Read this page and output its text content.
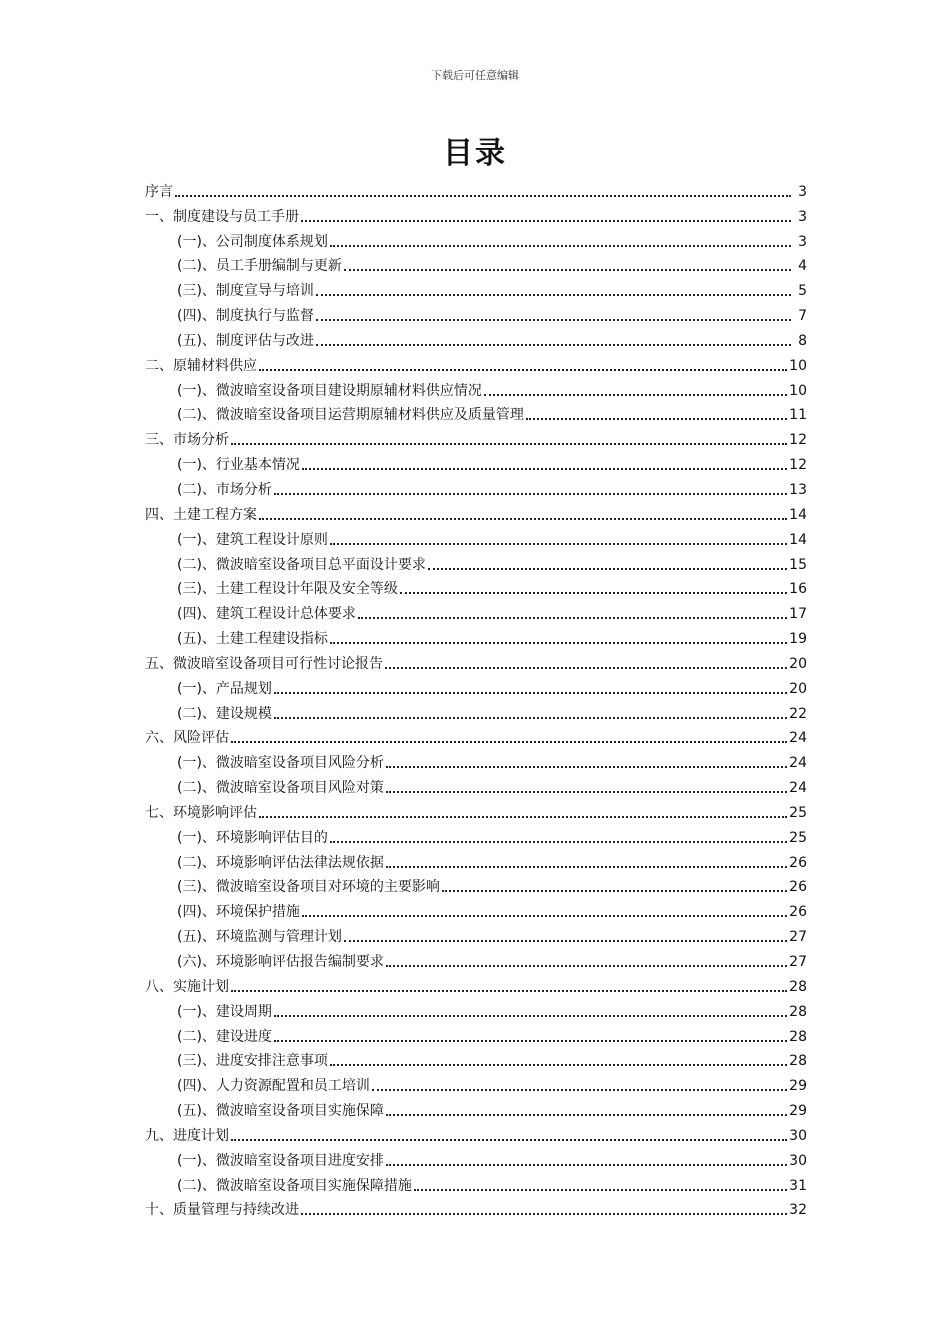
下载后可任意编辑
目录
序言	3
一、制度建设与员工手册	3
(一)、公司制度体系规划	3
(二)、员工手册编制与更新	4
(三)、制度宣导与培训	5
(四)、制度执行与监督	7
(五)、制度评估与改进	8
二、原辅材料供应	10
(一)、微波暗室设备项目建设期原辅材料供应情况	10
(二)、微波暗室设备项目运营期原辅材料供应及质量管理	11
三、市场分析	12
(一)、行业基本情况	12
(二)、市场分析	13
四、土建工程方案	14
(一)、建筑工程设计原则	14
(二)、微波暗室设备项目总平面设计要求	15
(三)、土建工程设计年限及安全等级	16
(四)、建筑工程设计总体要求	17
(五)、土建工程建设指标	19
五、微波暗室设备项目可行性讨论报告	20
(一)、产品规划	20
(二)、建设规模	22
六、风险评估	24
(一)、微波暗室设备项目风险分析	24
(二)、微波暗室设备项目风险对策	24
七、环境影响评估	25
(一)、环境影响评估目的	25
(二)、环境影响评估法律法规依据	26
(三)、微波暗室设备项目对环境的主要影响	26
(四)、环境保护措施	26
(五)、环境监测与管理计划	27
(六)、环境影响评估报告编制要求	27
八、实施计划	28
(一)、建设周期	28
(二)、建设进度	28
(三)、进度安排注意事项	28
(四)、人力资源配置和员工培训	29
(五)、微波暗室设备项目实施保障	29
九、进度计划	30
(一)、微波暗室设备项目进度安排	30
(二)、微波暗室设备项目实施保障措施	31
十、质量管理与持续改进	32
